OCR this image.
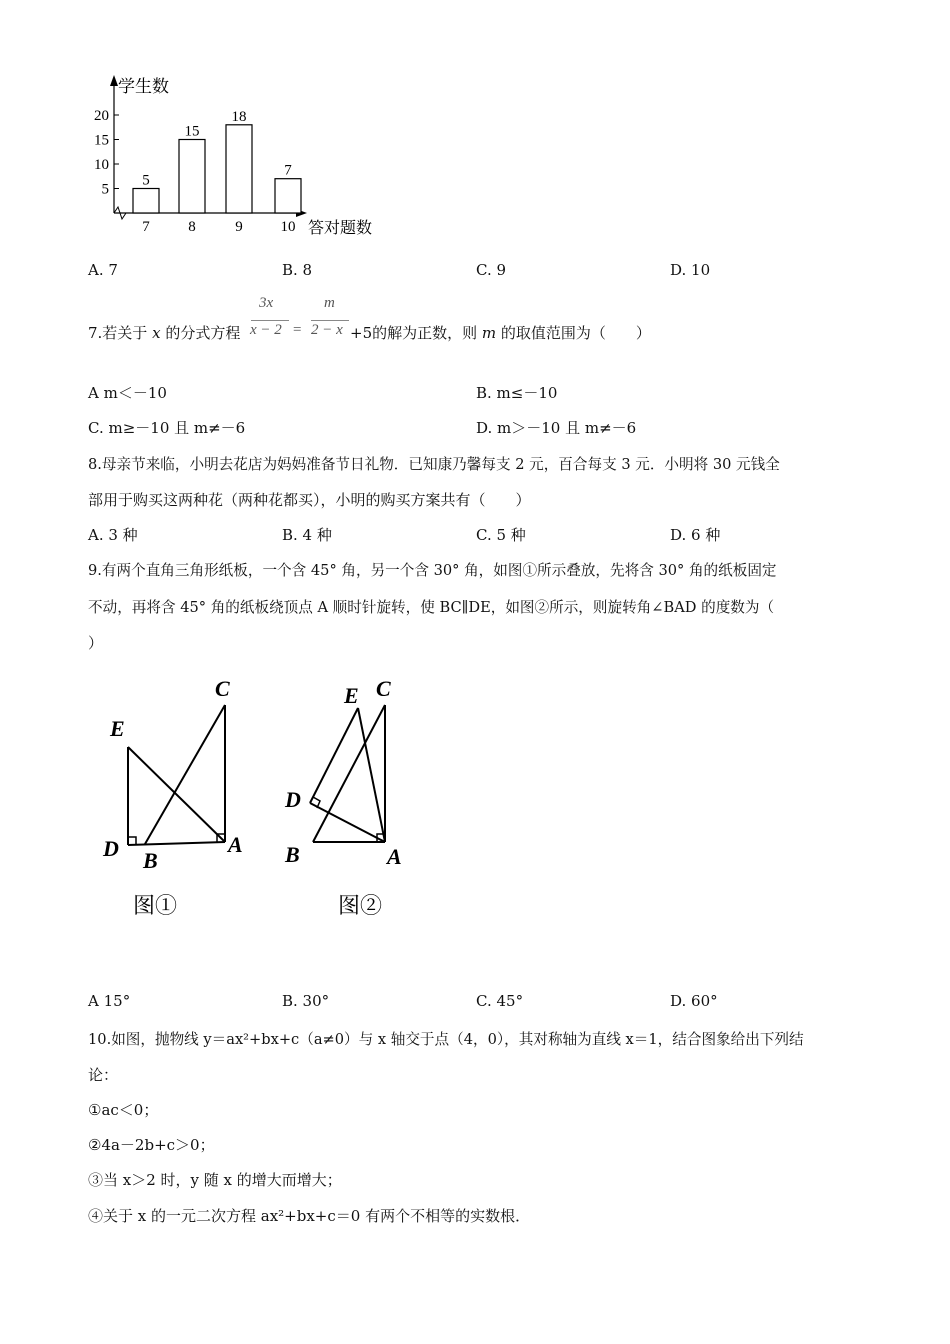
学生数
答对题数
5
10
15
20
5
7
15
8
18
9
7
10
A. 7	B. 8	C. 9	D. 10
7.若关于 x 的分式方程
3x
x − 2 =
m
2 − x +5的解为正数，则 m 的取值范围为（　　）
A m＜－10	B. m≤－10
C. m≥－10 且 m≠－6	D. m＞－10 且 m≠－6
8.母亲节来临，小明去花店为妈妈准备节日礼物．已知康乃馨每支 2 元，百合每支 3 元．小明将 30 元钱全
部用于购买这两种花（两种花都买），小明的购买方案共有（　　）
A. 3 种	B. 4 种	C. 5 种	D. 6 种
9.有两个直角三角形纸板，一个含 45° 角，另一个含 30° 角，如图①所示叠放，先将含 30° 角的纸板固定
不动，再将含 45° 角的纸板绕顶点 A 顺时针旋转，使 BC∥DE，如图②所示，则旋转角∠BAD 的度数为（
）
C
E
D B
A
图①
E C
D
B	A
图②
A 15°	B. 30°	C. 45°	D. 60°
10.如图，抛物线 y＝ax²+bx+c（a≠0）与 x 轴交于点（4，0），其对称轴为直线 x＝1，结合图象给出下列结
论：
①ac＜0；
②4a－2b+c＞0；
③当 x＞2 时，y 随 x 的增大而增大；
④关于 x 的一元二次方程 ax²+bx+c＝0 有两个不相等的实数根．
